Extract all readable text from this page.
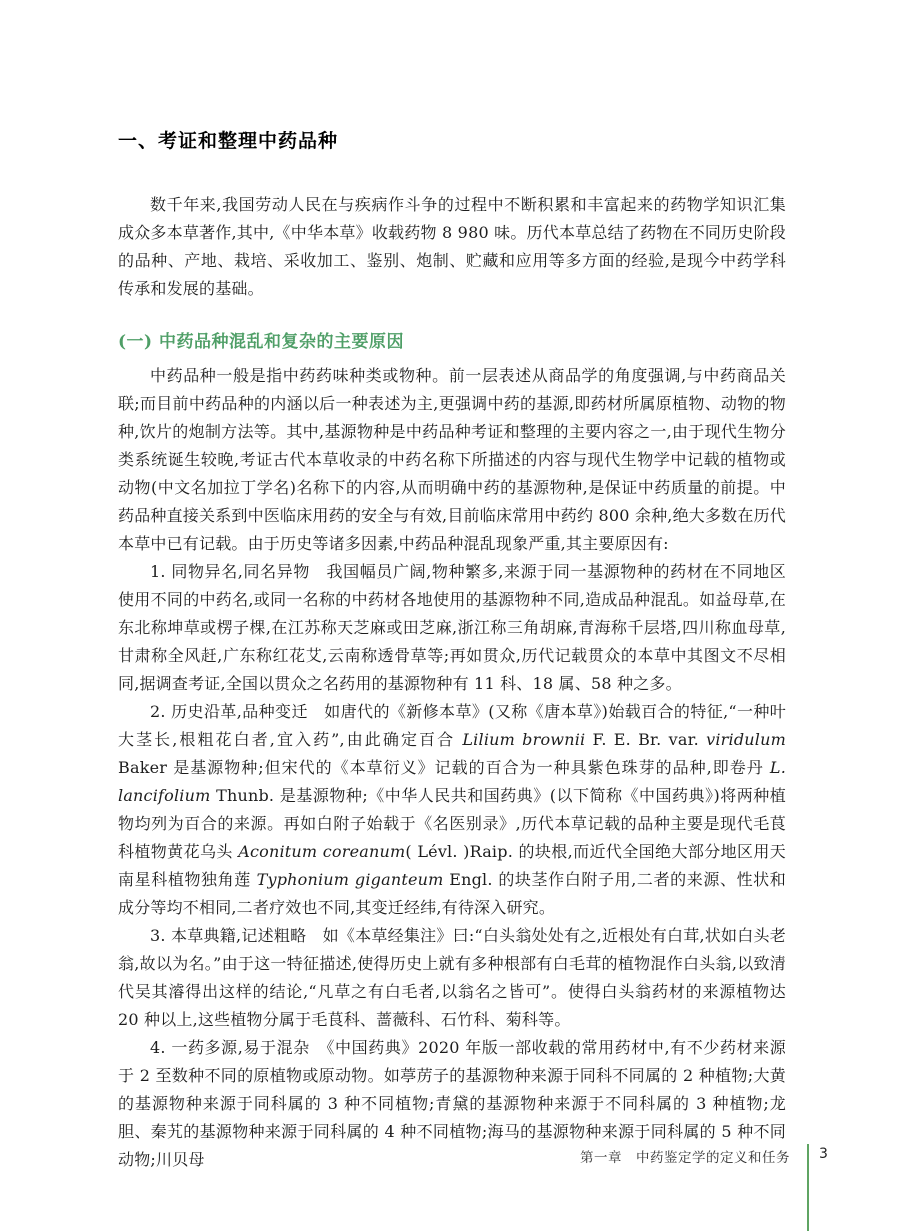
一、考证和整理中药品种

数千年来,我国劳动人民在与疾病作斗争的过程中不断积累和丰富起来的药物学知识汇集成众多本草著作,其中,《中华本草》收载药物 8 980 味。历代本草总结了药物在不同历史阶段的品种、产地、栽培、采收加工、鉴别、炮制、贮藏和应用等多方面的经验,是现今中药学科传承和发展的基础。

(一) 中药品种混乱和复杂的主要原因

中药品种一般是指中药药味种类或物种。前一层表述从商品学的角度强调,与中药商品关联;而目前中药品种的内涵以后一种表述为主,更强调中药的基源,即药材所属原植物、动物的物种,饮片的炮制方法等。其中,基源物种是中药品种考证和整理的主要内容之一,由于现代生物分类系统诞生较晚,考证古代本草收录的中药名称下所描述的内容与现代生物学中记载的植物或动物(中文名加拉丁学名)名称下的内容,从而明确中药的基源物种,是保证中药质量的前提。中药品种直接关系到中医临床用药的安全与有效,目前临床常用中药约 800 余种,绝大多数在历代本草中已有记载。由于历史等诸多因素,中药品种混乱现象严重,其主要原因有:

1. 同物异名,同名异物　我国幅员广阔,物种繁多,来源于同一基源物种的药材在不同地区使用不同的中药名,或同一名称的中药材各地使用的基源物种不同,造成品种混乱。如益母草,在东北称坤草或楞子棵,在江苏称天芝麻或田芝麻,浙江称三角胡麻,青海称千层塔,四川称血母草,甘肃称全风赶,广东称红花艾,云南称透骨草等;再如贯众,历代记载贯众的本草中其图文不尽相同,据调查考证,全国以贯众之名药用的基源物种有 11 科、18 属、58 种之多。

2. 历史沿革,品种变迁　如唐代的《新修本草》(又称《唐本草》)始载百合的特征,“一种叶大茎长,根粗花白者,宜入药”,由此确定百合 Lilium brownii F. E. Br. var. viridulum Baker 是基源物种;但宋代的《本草衍义》记载的百合为一种具紫色珠芽的品种,即卷丹 L. lancifolium Thunb. 是基源物种;《中华人民共和国药典》(以下简称《中国药典》)将两种植物均列为百合的来源。再如白附子始载于《名医别录》,历代本草记载的品种主要是现代毛茛科植物黄花乌头 Aconitum coreanum( Lévl. )Raip. 的块根,而近代全国绝大部分地区用天南星科植物独角莲 Typhonium giganteum Engl. 的块茎作白附子用,二者的来源、性状和成分等均不相同,二者疗效也不同,其变迁经纬,有待深入研究。

3. 本草典籍,记述粗略　如《本草经集注》曰:“白头翁处处有之,近根处有白茸,状如白头老翁,故以为名。”由于这一特征描述,使得历史上就有多种根部有白毛茸的植物混作白头翁,以致清代吴其濬得出这样的结论,“凡草之有白毛者,以翁名之皆可”。使得白头翁药材的来源植物达 20 种以上,这些植物分属于毛茛科、蔷薇科、石竹科、菊科等。

4. 一药多源,易于混杂　《中国药典》2020 年版一部收载的常用药材中,有不少药材来源于 2 至数种不同的原植物或原动物。如葶苈子的基源物种来源于同科不同属的 2 种植物;大黄的基源物种来源于同科属的 3 种不同植物;青黛的基源物种来源于不同科属的 3 种植物;龙胆、秦艽的基源物种来源于同科属的 4 种不同植物;海马的基源物种来源于同科属的 5 种不同动物;川贝母	第一章 中药鉴定学的定义和任务 3
